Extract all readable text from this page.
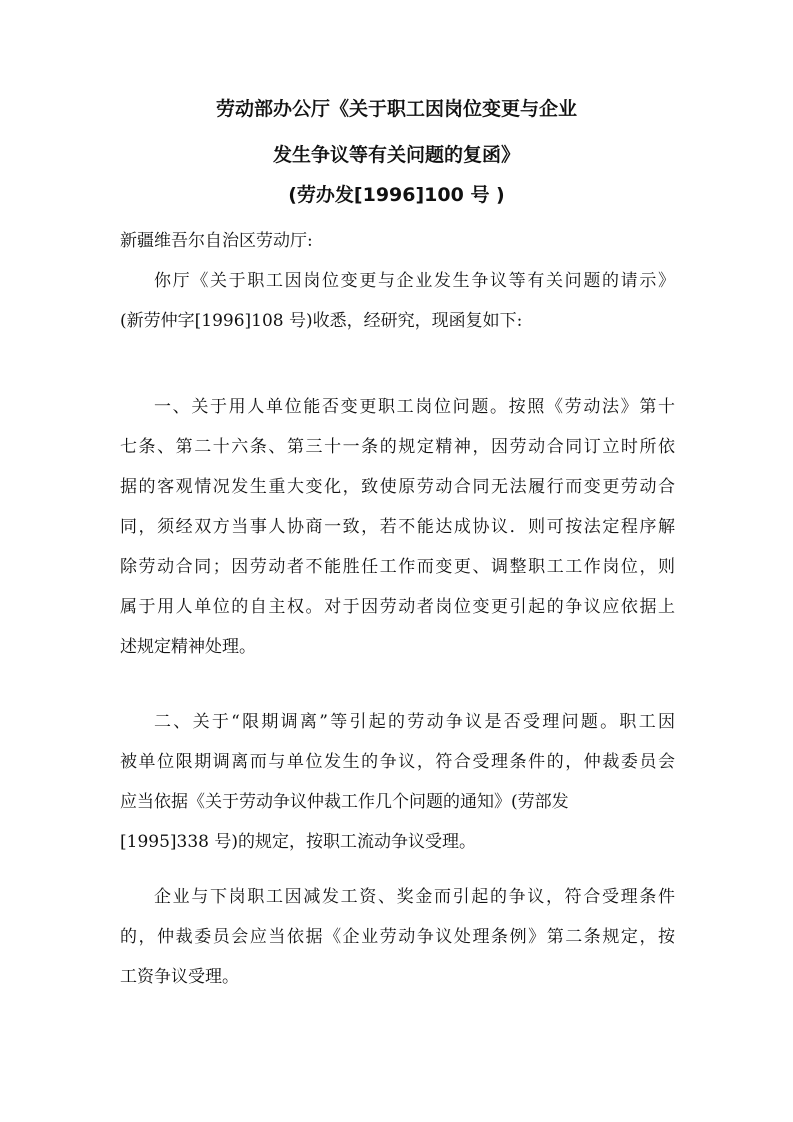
劳动部办公厅《关于职工因岗位变更与企业
发生争议等有关问题的复函》
(劳办发[1996]100 号 )
新疆维吾尔自治区劳动厅:
你厅《关于职工因岗位变更与企业发生争议等有关问题的请示》
(新劳仲字[1996]108 号)收悉，经研究，现函复如下:
一、关于用人单位能否变更职工岗位问题。按照《劳动法》第十
七条、第二十六条、第三十一条的规定精神，因劳动合同订立时所依
据的客观情况发生重大变化，致使原劳动合同无法履行而变更劳动合
同，须经双方当事人协商一致，若不能达成协议．则可按法定程序解
除劳动合同；因劳动者不能胜任工作而变更、调整职工工作岗位，则
属于用人单位的自主权。对于因劳动者岗位变更引起的争议应依据上
述规定精神处理。
二、关于“限期调离”等引起的劳动争议是否受理问题。职工因
被单位限期调离而与单位发生的争议，符合受理条件的，仲裁委员会
应当依据《关于劳动争议仲裁工作几个问题的通知》(劳部发
[1995]338 号)的规定，按职工流动争议受理。
企业与下岗职工因减发工资、奖金而引起的争议，符合受理条件
的，仲裁委员会应当依据《企业劳动争议处理条例》第二条规定，按
工资争议受理。
